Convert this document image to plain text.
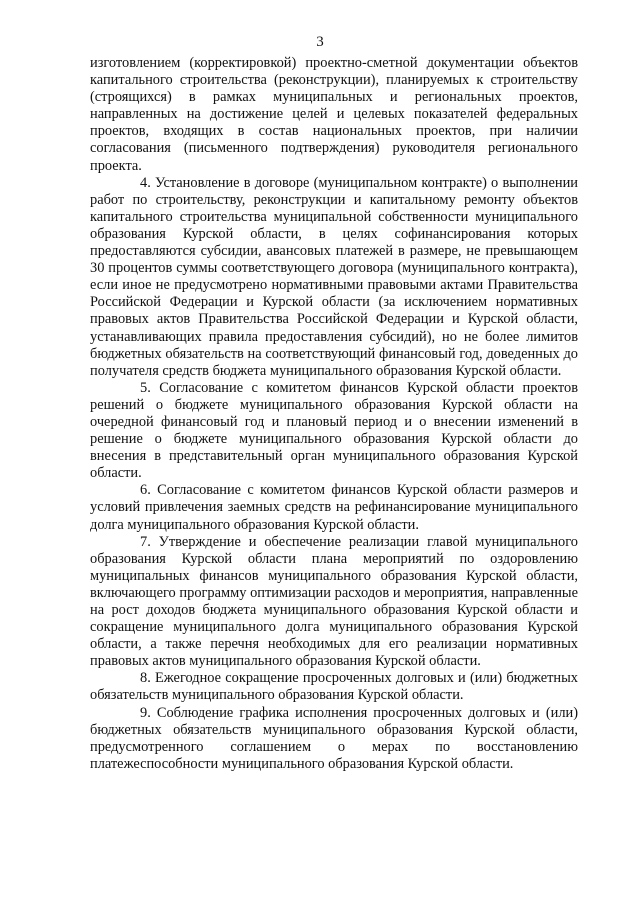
3

изготовлением (корректировкой) проектно-сметной документации объектов капитального строительства (реконструкции), планируемых к строительству (строящихся) в рамках муниципальных и региональных проектов, направленных на достижение целей и целевых показателей федеральных проектов, входящих в состав национальных проектов, при наличии согласования (письменного подтверждения) руководителя регионального проекта.

4. Установление в договоре (муниципальном контракте) о выполнении работ по строительству, реконструкции и капитальному ремонту объектов капитального строительства муниципальной собственности муниципального образования Курской области, в целях софинансирования которых предоставляются субсидии, авансовых платежей в размере, не превышающем 30 процентов суммы соответствующего договора (муниципального контракта), если иное не предусмотрено нормативными правовыми актами Правительства Российской Федерации и Курской области (за исключением нормативных правовых актов Правительства Российской Федерации и Курской области, устанавливающих правила предоставления субсидий), но не более лимитов бюджетных обязательств на соответствующий финансовый год, доведенных до получателя средств бюджета муниципального образования Курской области.

5. Согласование с комитетом финансов Курской области проектов решений о бюджете муниципального образования Курской области на очередной финансовый год и плановый период и о внесении изменений в решение о бюджете муниципального образования Курской области до внесения в представительный орган муниципального образования Курской области.

6. Согласование с комитетом финансов Курской области размеров и условий привлечения заемных средств на рефинансирование муниципального долга муниципального образования Курской области.

7. Утверждение и обеспечение реализации главой муниципального образования Курской области плана мероприятий по оздоровлению муниципальных финансов муниципального образования Курской области, включающего программу оптимизации расходов и мероприятия, направленные на рост доходов бюджета муниципального образования Курской области и сокращение муниципального долга муниципального образования Курской области, а также перечня необходимых для его реализации нормативных правовых актов муниципального образования Курской области.

8. Ежегодное сокращение просроченных долговых и (или) бюджетных обязательств муниципального образования Курской области.

9. Соблюдение графика исполнения просроченных долговых и (или) бюджетных обязательств муниципального образования Курской области, предусмотренного соглашением о мерах по восстановлению платежеспособности муниципального образования Курской области.
